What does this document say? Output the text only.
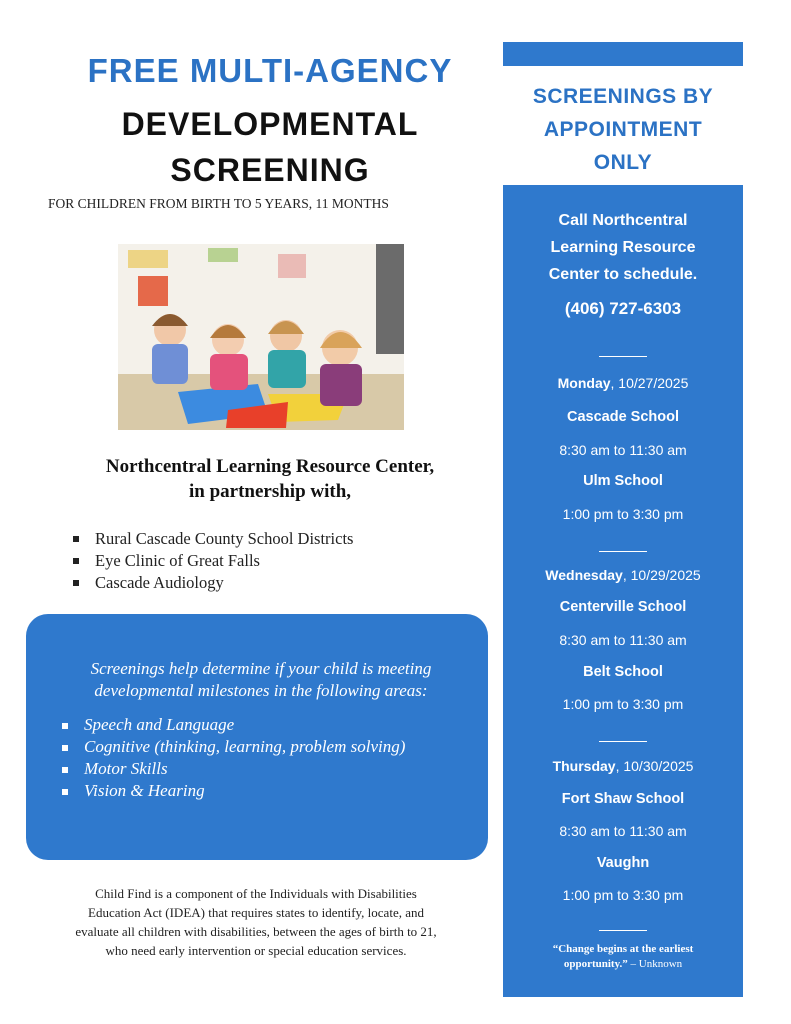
FREE MULTI-AGENCY
DEVELOPMENTAL
SCREENING
FOR CHILDREN FROM BIRTH TO 5 YEARS, 11 MONTHS
Northcentral Learning Resource Center,
in partnership with,
Rural Cascade County School Districts
Eye Clinic of Great Falls
Cascade Audiology
Screenings help determine if your child is meeting
developmental milestones in the following areas:
Speech and Language
Cognitive (thinking, learning, problem solving)
Motor Skills
Vision & Hearing
Child Find is a component of the Individuals with Disabilities
Education Act (IDEA) that requires states to identify, locate, and
evaluate all children with disabilities, between the ages of birth to 21,
who need early intervention or special education services.
SCREENINGS BY
APPOINTMENT
ONLY
Call Northcentral
Learning Resource
Center to schedule.
(406) 727-6303
Monday, 10/27/2025
Cascade School
8:30 am to 11:30 am
Ulm School
1:00 pm to 3:30 pm
Wednesday, 10/29/2025
Centerville School
8:30 am to 11:30 am
Belt School
1:00 pm to 3:30 pm
Thursday, 10/30/2025
Fort Shaw School
8:30 am to 11:30 am
Vaughn
1:00 pm to 3:30 pm
“Change begins at the earliest
opportunity.” – Unknown
